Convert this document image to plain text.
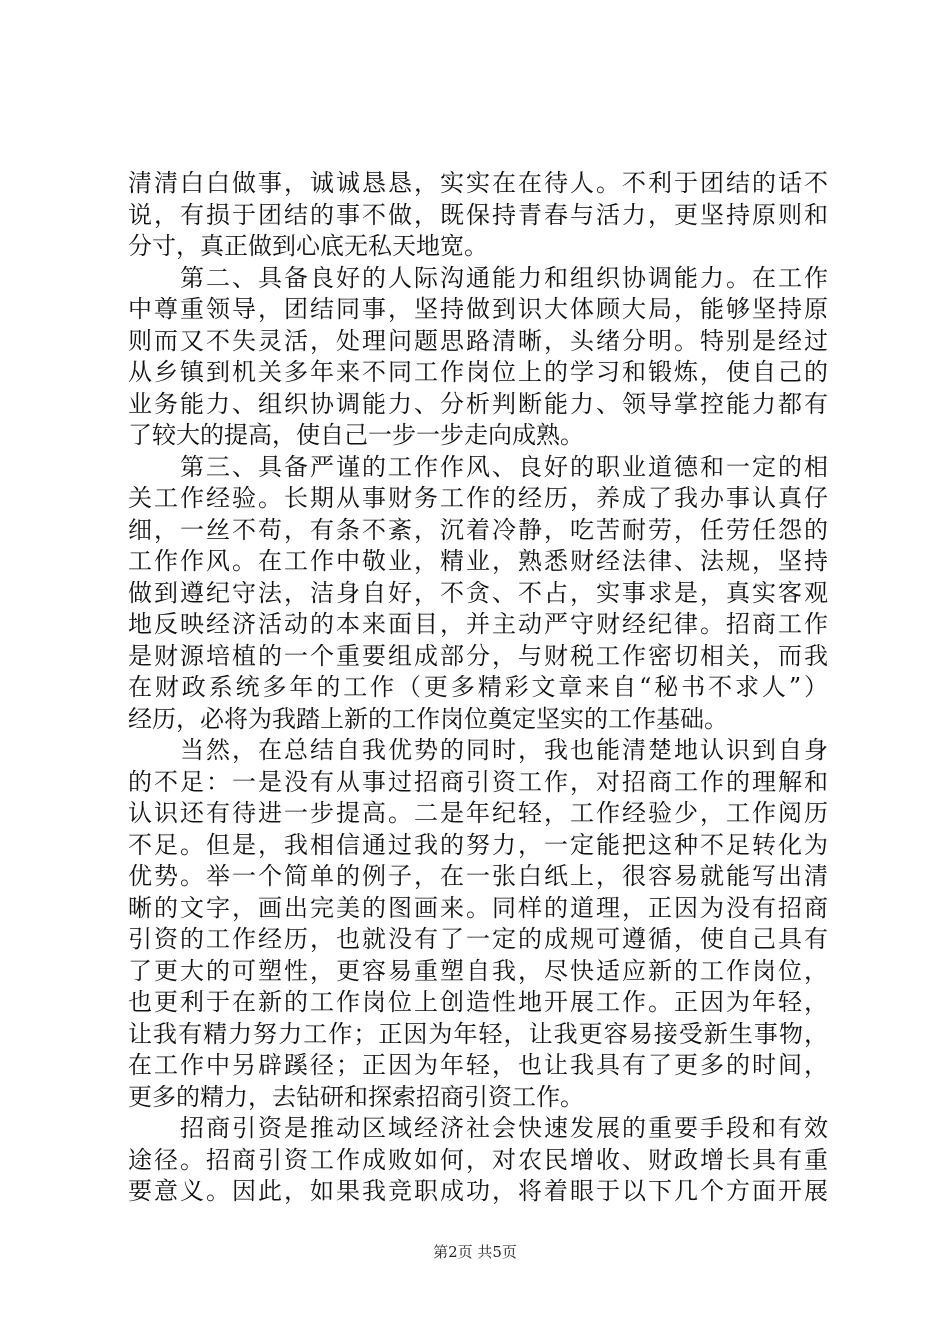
清清白白做事，诚诚恳恳，实实在在待人。不利于团结的话不
说，有损于团结的事不做，既保持青春与活力，更坚持原则和
分寸，真正做到心底无私天地宽。
第二、具备良好的人际沟通能力和组织协调能力。在工作
中尊重领导，团结同事，坚持做到识大体顾大局，能够坚持原
则而又不失灵活，处理问题思路清晰，头绪分明。特别是经过
从乡镇到机关多年来不同工作岗位上的学习和锻炼，使自己的
业务能力、组织协调能力、分析判断能力、领导掌控能力都有
了较大的提高，使自己一步一步走向成熟。
第三、具备严谨的工作作风、良好的职业道德和一定的相
关工作经验。长期从事财务工作的经历，养成了我办事认真仔
细，一丝不苟，有条不紊，沉着冷静，吃苦耐劳，任劳任怨的
工作作风。在工作中敬业，精业，熟悉财经法律、法规，坚持
做到遵纪守法，洁身自好，不贪、不占，实事求是，真实客观
地反映经济活动的本来面目，并主动严守财经纪律。招商工作
是财源培植的一个重要组成部分，与财税工作密切相关，而我
在财政系统多年的工作（更多精彩文章来自“秘书不求人”）
经历，必将为我踏上新的工作岗位奠定坚实的工作基础。
当然，在总结自我优势的同时，我也能清楚地认识到自身
的不足：一是没有从事过招商引资工作，对招商工作的理解和
认识还有待进一步提高。二是年纪轻，工作经验少，工作阅历
不足。但是，我相信通过我的努力，一定能把这种不足转化为
优势。举一个简单的例子，在一张白纸上，很容易就能写出清
晰的文字，画出完美的图画来。同样的道理，正因为没有招商
引资的工作经历，也就没有了一定的成规可遵循，使自己具有
了更大的可塑性，更容易重塑自我，尽快适应新的工作岗位，
也更利于在新的工作岗位上创造性地开展工作。正因为年轻，
让我有精力努力工作；正因为年轻，让我更容易接受新生事物，
在工作中另辟蹊径；正因为年轻，也让我具有了更多的时间，
更多的精力，去钻研和探索招商引资工作。
招商引资是推动区域经济社会快速发展的重要手段和有效
途径。招商引资工作成败如何，对农民增收、财政增长具有重
要意义。因此，如果我竞职成功，将着眼于以下几个方面开展
第2页 共5页
